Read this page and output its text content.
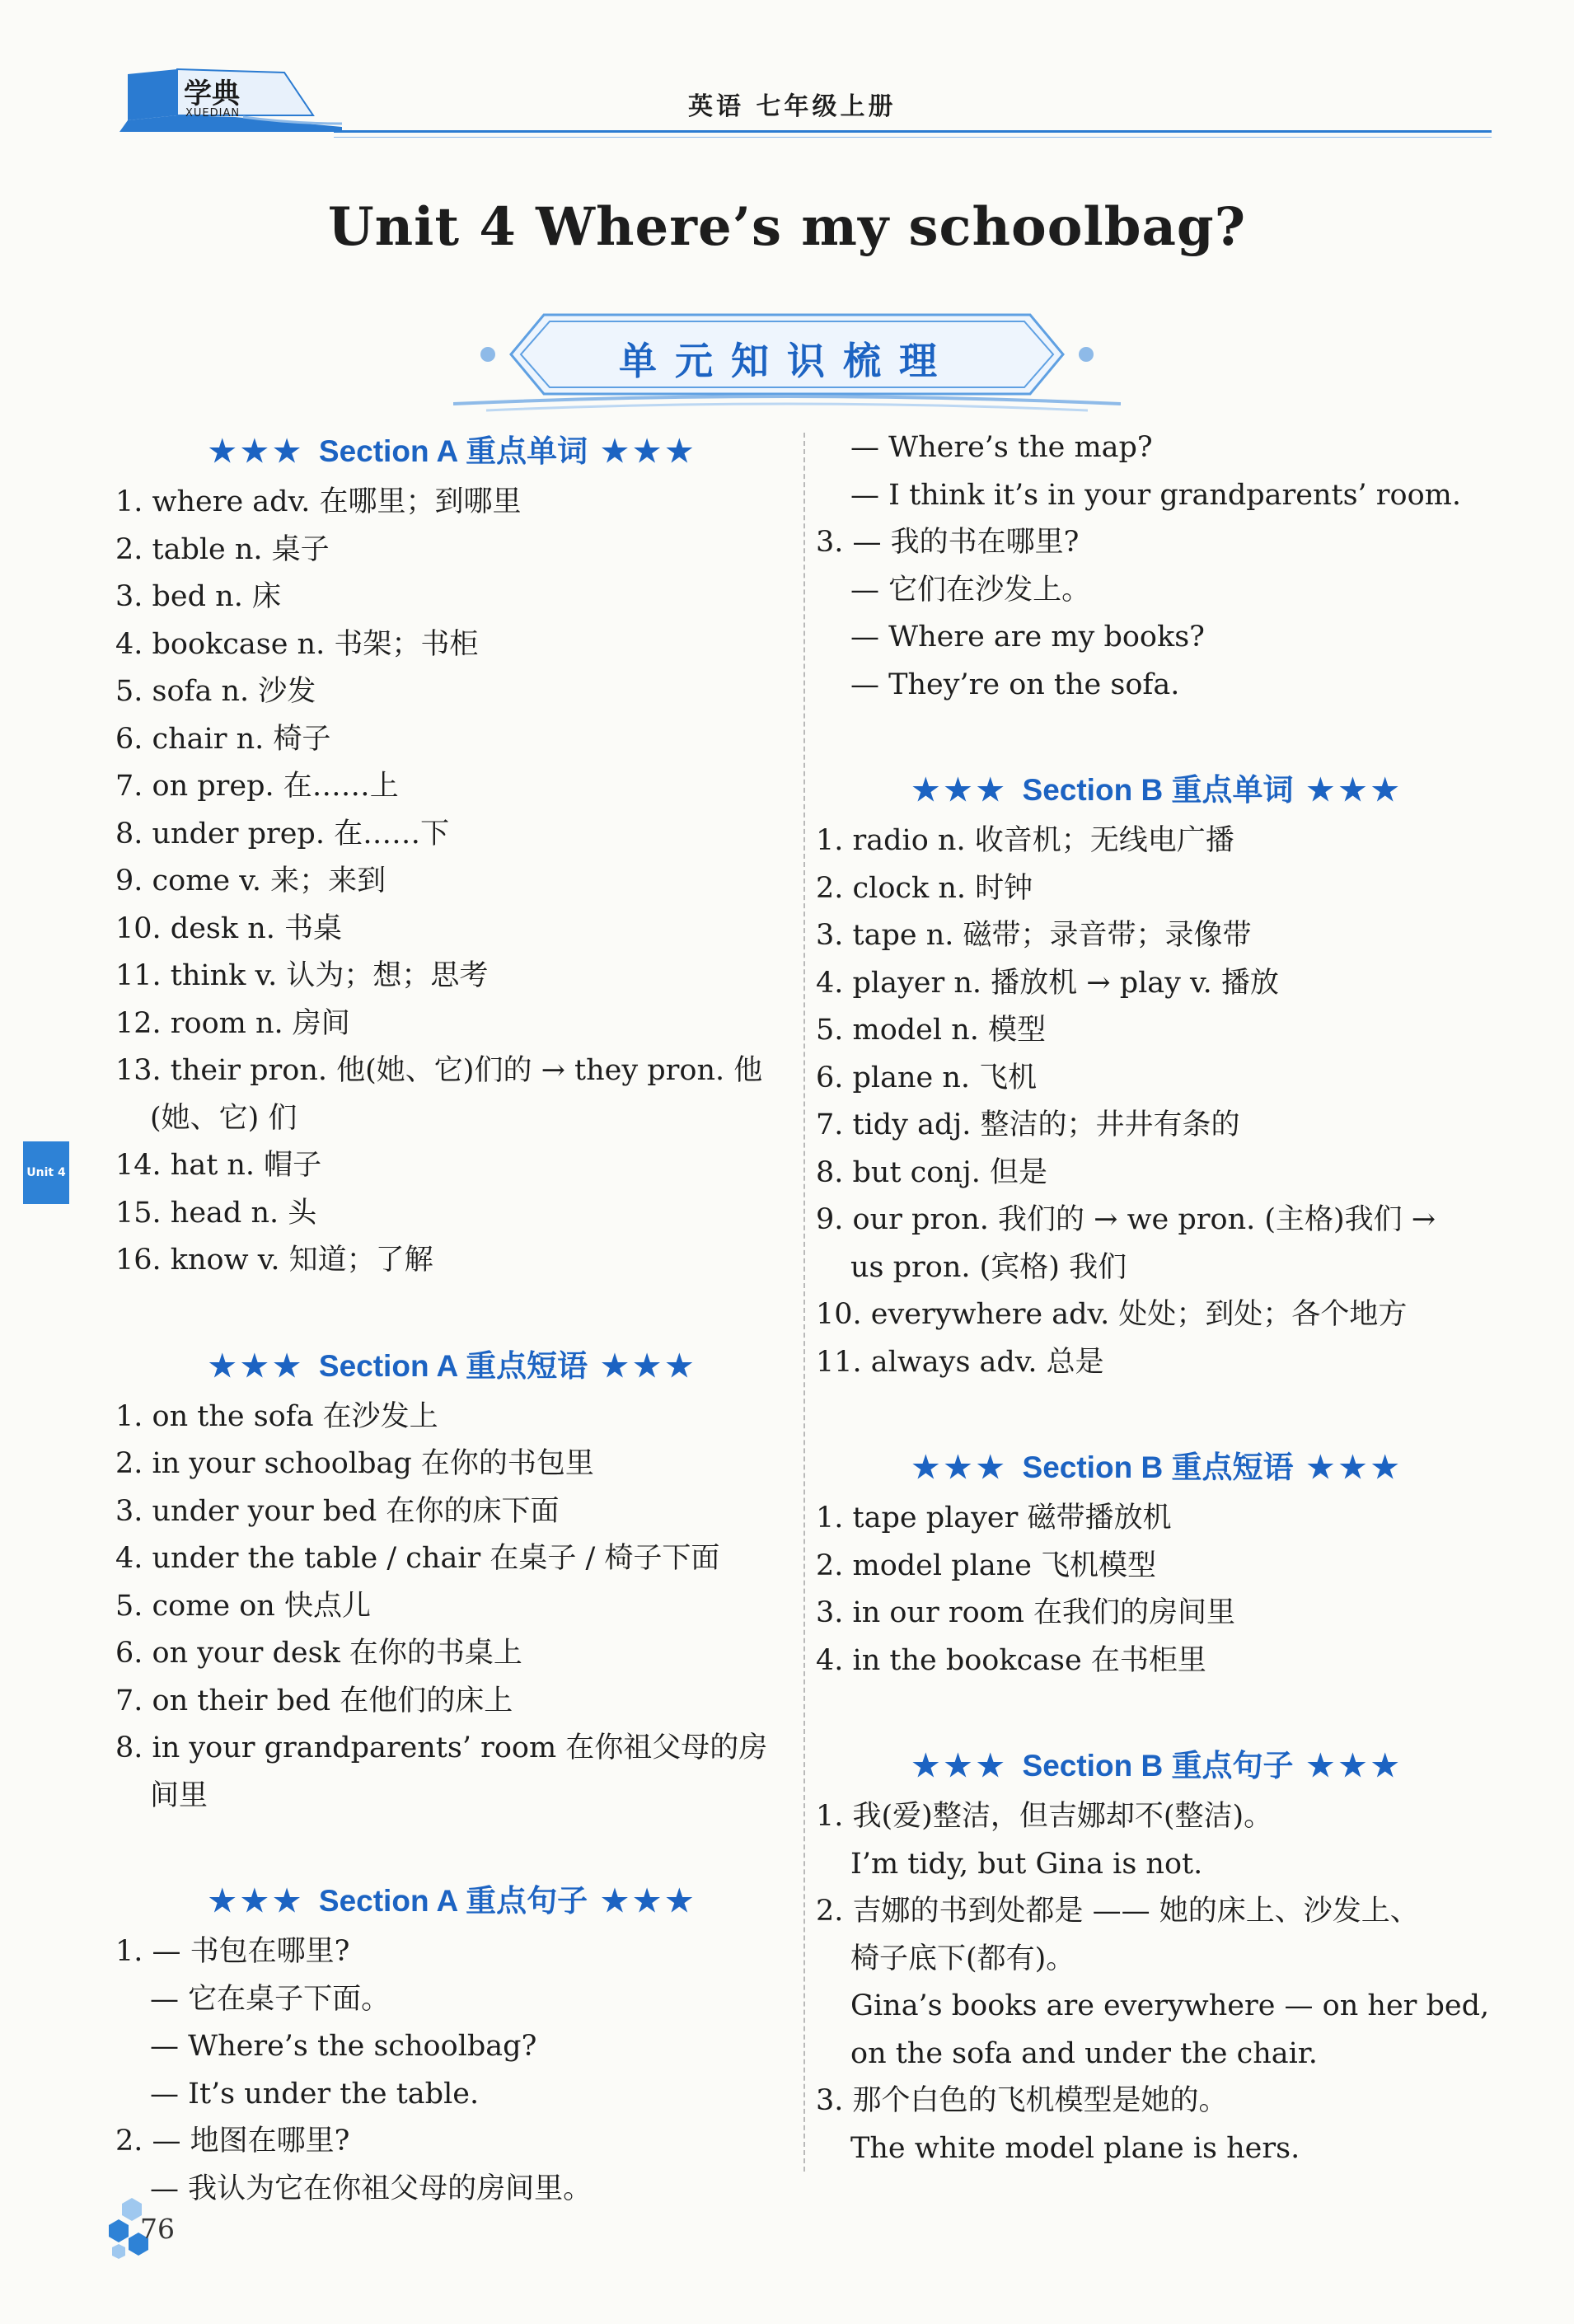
学典
XUEDIAN	英语 七年级上册
Unit 4 Where’s my schoolbag?
单元知识梳理
★★★ Section A 重点单词 ★★★
1. where adv. 在哪里；到哪里
2. table n. 桌子
3. bed n. 床
4. bookcase n. 书架；书柜
5. sofa n. 沙发
6. chair n. 椅子
7. on prep. 在……上
8. under prep. 在……下
9. come v. 来；来到
10. desk n. 书桌
11. think v. 认为；想；思考
12. room n. 房间
13. their pron. 他(她、它)们的 → they pron. 他
(她、它) 们
14. hat n. 帽子
15. head n. 头
16. know v. 知道；了解
★★★ Section A 重点短语 ★★★
1. on the sofa 在沙发上
2. in your schoolbag 在你的书包里
3. under your bed 在你的床下面
4. under the table / chair 在桌子 / 椅子下面
5. come on 快点儿
6. on your desk 在你的书桌上
7. on their bed 在他们的床上
8. in your grandparents’ room 在你祖父母的房
间里
★★★ Section A 重点句子 ★★★
1. — 书包在哪里?
— 它在桌子下面。
— Where’s the schoolbag?
— It’s under the table.
2. — 地图在哪里?
— 我认为它在你祖父母的房间里。
— Where’s the map?
— I think it’s in your grandparents’ room.
3. — 我的书在哪里?
— 它们在沙发上。
— Where are my books?
— They’re on the sofa.
★★★ Section B 重点单词 ★★★
1. radio n. 收音机；无线电广播
2. clock n. 时钟
3. tape n. 磁带；录音带；录像带
4. player n. 播放机 → play v. 播放
5. model n. 模型
6. plane n. 飞机
7. tidy adj. 整洁的；井井有条的
8. but conj. 但是
9. our pron. 我们的 → we pron. (主格)我们 →
us pron. (宾格) 我们
10. everywhere adv. 处处；到处；各个地方
11. always adv. 总是
★★★ Section B 重点短语 ★★★
1. tape player 磁带播放机
2. model plane 飞机模型
3. in our room 在我们的房间里
4. in the bookcase 在书柜里
★★★ Section B 重点句子 ★★★
1. 我(爱)整洁，但吉娜却不(整洁)。
I’m tidy, but Gina is not.
2. 吉娜的书到处都是 —— 她的床上、沙发上、
椅子底下(都有)。
Gina’s books are everywhere — on her bed,
on the sofa and under the chair.
3. 那个白色的飞机模型是她的。
The white model plane is hers.
Unit 4
76
